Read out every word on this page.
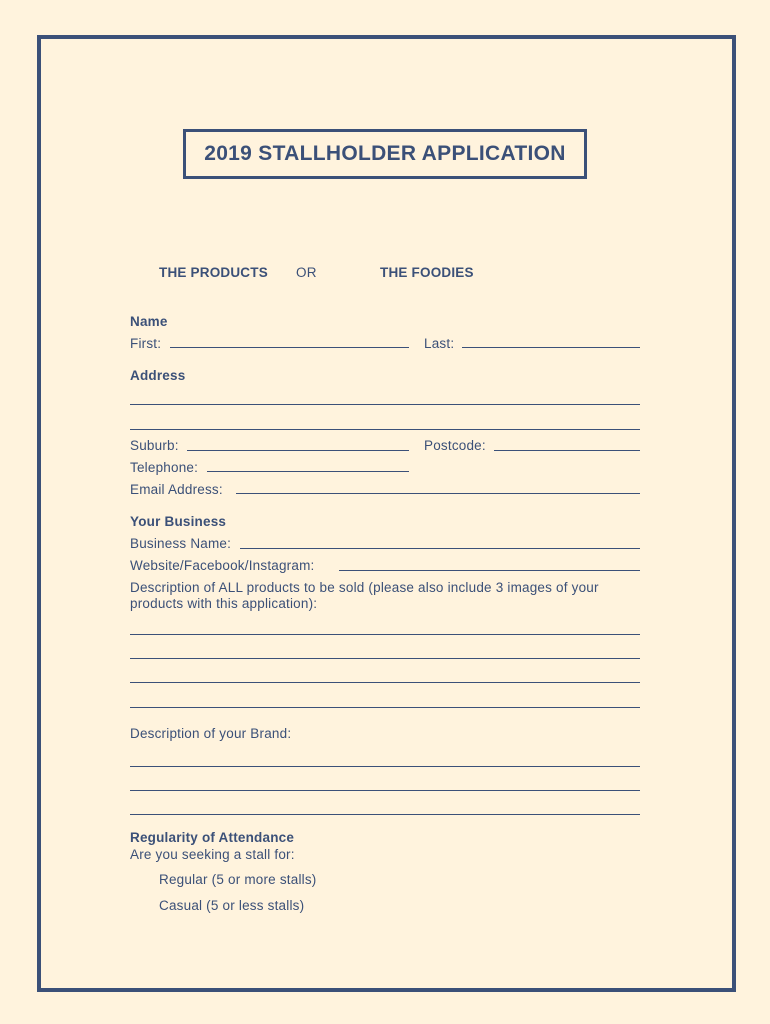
2019 STALLHOLDER APPLICATION
THE PRODUCTS OR	THE FOODIES
Name
First:	Last:
Address
Suburb:	Postcode:
Telephone:
Email Address:
Your Business
Business Name:
Website/Facebook/Instagram:
Description of ALL products to be sold (please also include 3 images of your products with this application):
Description of your Brand:
Regularity of Attendance
Are you seeking a stall for:
Regular (5 or more stalls)
Casual (5 or less stalls)
